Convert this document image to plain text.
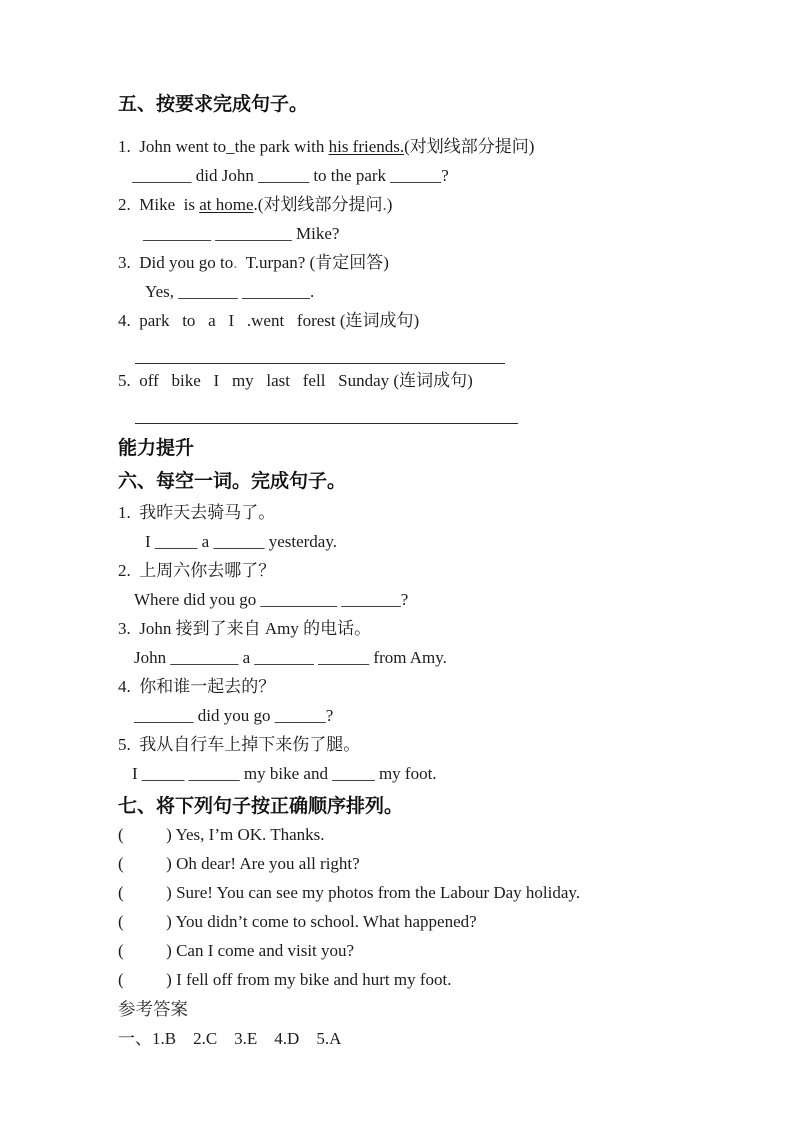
五、按要求完成句子。
1.  John went to_the park with his friends.(对划线部分提问)
_______ did John ______ to the park ______?
2.  Mike  is at home.(对划线部分提问.)
________ _________ Mike?
3.  Did you go to.  T.urpan? (肯定回答)
Yes, _______ ________.
4.  park   to   a   I   .went   forest (连词成句)
5.  off   bike   I   my   last   fell   Sunday (连词成句)
能力提升
六、每空一词。完成句子。
1.  我昨天去骑马了。
I _____ a ______ yesterday.
2.  上周六你去哪了？
Where did you go _________ _______?
3.  John 接到了来自 Amy 的电话。
John ________ a _______ ______ from Amy.
4.  你和谁一起去的？
_______ did you go ______?
5.  我从自行车上掉下来伤了腿。
I _____ ______ my bike and _____ my foot.
七、将下列句子按正确顺序排列。
(          ) Yes, I’m OK. Thanks.
(          ) Oh dear! Are you all right?
(          ) Sure! You can see my photos from the Labour Day holiday.
(          ) You didn’t come to school. What happened?
(          ) Can I come and visit you?
(          ) I fell off from my bike and hurt my foot.
参考答案
一、1.B    2.C    3.E    4.D    5.A
